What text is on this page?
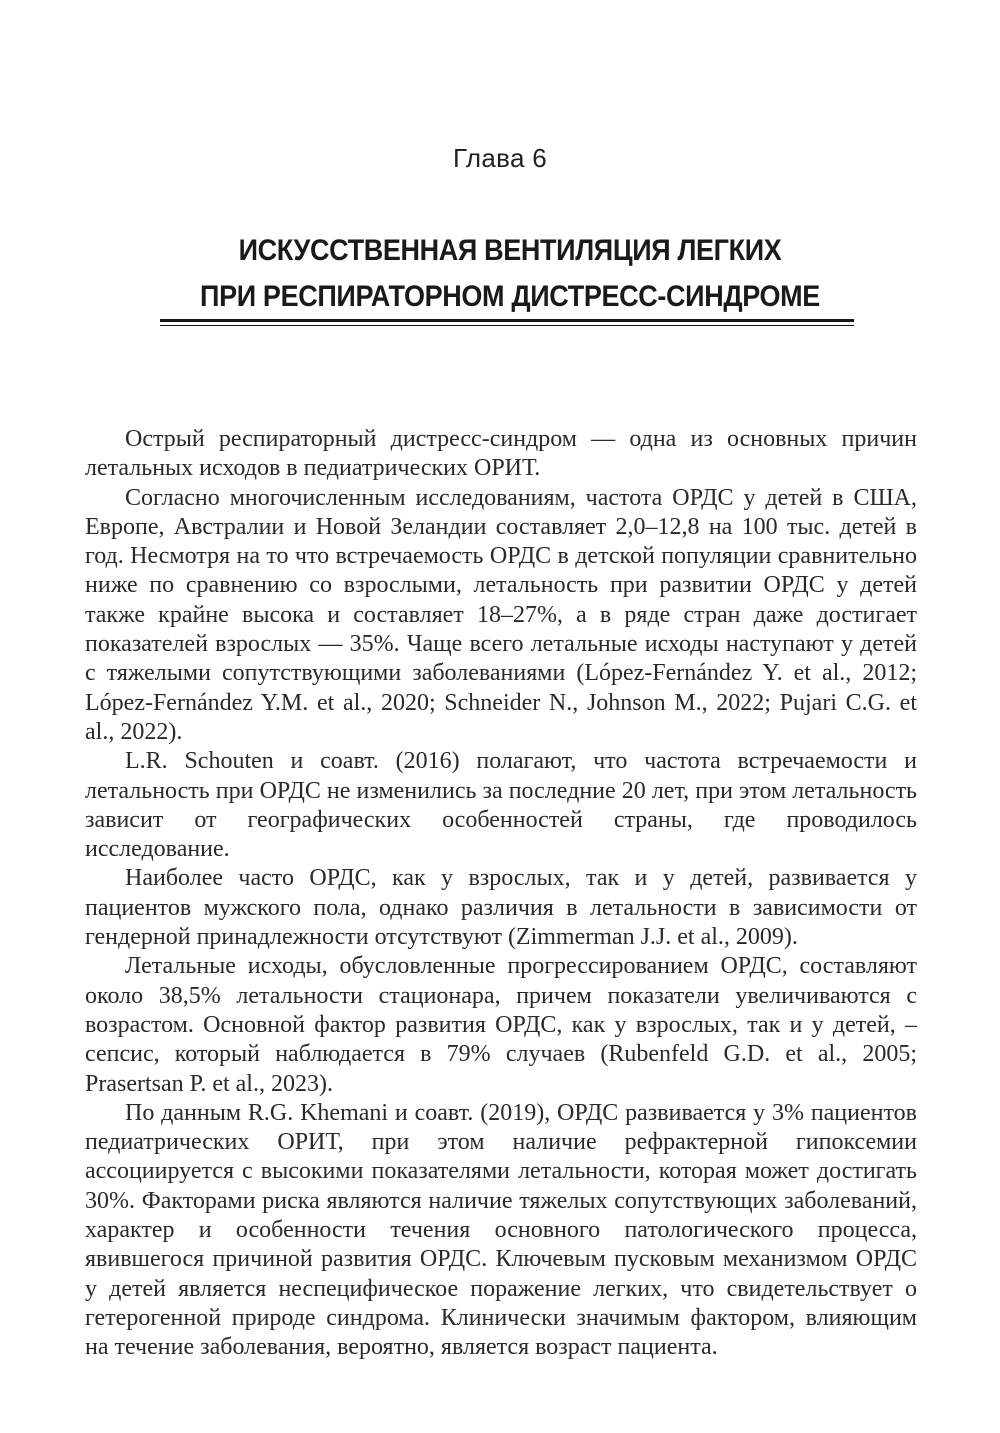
Глава 6
ИСКУССТВЕННАЯ ВЕНТИЛЯЦИЯ ЛЕГКИХ
ПРИ РЕСПИРАТОРНОМ ДИСТРЕСС-СИНДРОМЕ

Острый респираторный дистресс-синдром — одна из основных причин летальных исходов в педиатрических ОРИТ.

Согласно многочисленным исследованиям, частота ОРДС у детей в США, Европе, Австралии и Новой Зеландии составляет 2,0–12,8 на 100 тыс. детей в год. Несмотря на то что встречаемость ОРДС в детской популяции сравнительно ниже по сравнению со взрослыми, летальность при развитии ОРДС у детей также крайне высока и составляет 18–27%, а в ряде стран даже достигает показателей взрослых — 35%. Чаще всего летальные исходы наступают у детей с тяжелыми сопутствующими заболеваниями (López-Fernández Y. et al., 2012; López-Fernández Y.M. et al., 2020; Schneider N., Johnson M., 2022; Pujari C.G. et al., 2022).

L.R. Schouten и соавт. (2016) полагают, что частота встречаемости и летальность при ОРДС не изменились за последние 20 лет, при этом летальность зависит от географических особенностей страны, где проводилось исследование.

Наиболее часто ОРДС, как у взрослых, так и у детей, развивается у пациентов мужского пола, однако различия в летальности в зависимости от гендерной принадлежности отсутствуют (Zimmerman J.J. et al., 2009).

Летальные исходы, обусловленные прогрессированием ОРДС, составляют около 38,5% летальности стационара, причем показатели увеличиваются с возрастом. Основной фактор развития ОРДС, как у взрослых, так и у детей, – сепсис, который наблюдается в 79% случаев (Rubenfeld G.D. et al., 2005; Prasertsan P. et al., 2023).

По данным R.G. Khemani и соавт. (2019), ОРДС развивается у 3% пациентов педиатрических ОРИТ, при этом наличие рефрактерной гипоксемии ассоциируется с высокими показателями летальности, которая может достигать 30%. Факторами риска являются наличие тяжелых сопутствующих заболеваний, характер и особенности течения основного патологического процесса, явившегося причиной развития ОРДС. Ключевым пусковым механизмом ОРДС у детей является неспецифическое поражение легких, что свидетельствует о гетерогенной природе синдрома. Клинически значимым фактором, влияющим на течение заболевания, вероятно, является возраст пациента.
